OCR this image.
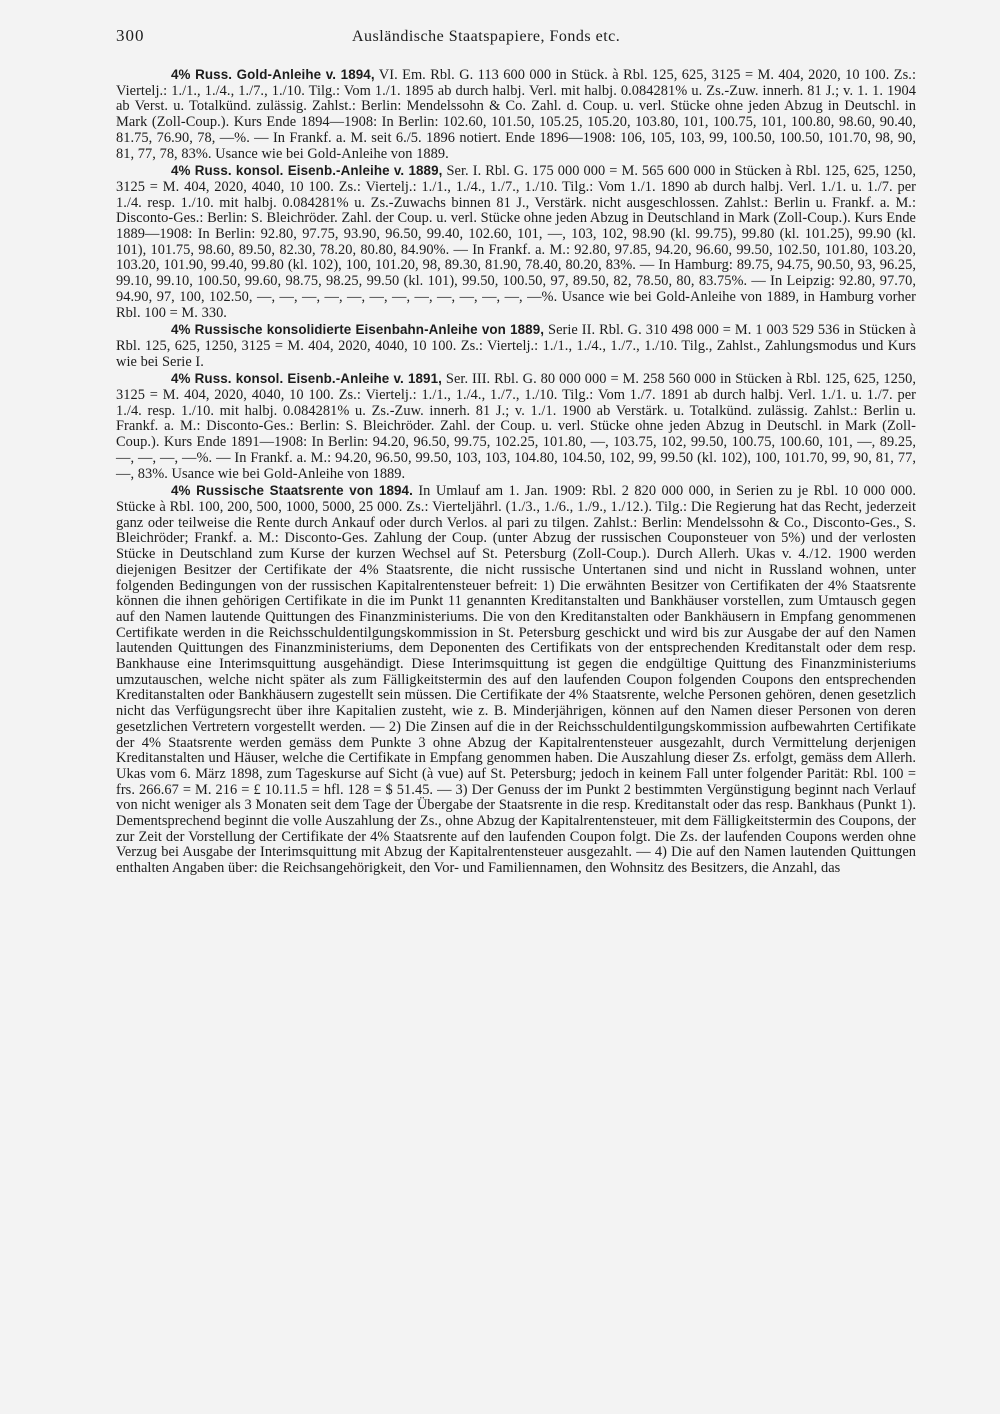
300	Ausländische Staatspapiere, Fonds etc.

4% Russ. Gold-Anleihe v. 1894, VI. Em. Rbl. G. 113 600 000 in Stück. à Rbl. 125, 625, 3125 = M. 404, 2020, 10 100. Zs.: Viertelj.: 1./1., 1./4., 1./7., 1./10. Tilg.: Vom 1./1. 1895 ab durch halbj. Verl. mit halbj. 0.084281% u. Zs.-Zuw. innerh. 81 J.; v. 1. 1. 1904 ab Verst. u. Totalkünd. zulässig. Zahlst.: Berlin: Mendelssohn & Co. Zahl. d. Coup. u. verl. Stücke ohne jeden Abzug in Deutschl. in Mark (Zoll-Coup.). Kurs Ende 1894—1908: In Berlin: 102.60, 101.50, 105.25, 105.20, 103.80, 101, 100.75, 101, 100.80, 98.60, 90.40, 81.75, 76.90, 78, —%. — In Frankf. a. M. seit 6./5. 1896 notiert. Ende 1896—1908: 106, 105, 103, 99, 100.50, 100.50, 101.70, 98, 90, 81, 77, 78, 83%. Usance wie bei Gold-Anleihe von 1889.

4% Russ. konsol. Eisenb.-Anleihe v. 1889, Ser. I. Rbl. G. 175 000 000 = M. 565 600 000 in Stücken à Rbl. 125, 625, 1250, 3125 = M. 404, 2020, 4040, 10 100. Zs.: Viertelj.: 1./1., 1./4., 1./7., 1./10. Tilg.: Vom 1./1. 1890 ab durch halbj. Verl. 1./1. u. 1./7. per 1./4. resp. 1./10. mit halbj. 0.084281% u. Zs.-Zuwachs binnen 81 J., Verstärk. nicht ausgeschlossen. Zahlst.: Berlin u. Frankf. a. M.: Disconto-Ges.: Berlin: S. Bleichröder. Zahl. der Coup. u. verl. Stücke ohne jeden Abzug in Deutschland in Mark (Zoll-Coup.). Kurs Ende 1889—1908: In Berlin: 92.80, 97.75, 93.90, 96.50, 99.40, 102.60, 101, —, 103, 102, 98.90 (kl. 99.75), 99.80 (kl. 101.25), 99.90 (kl. 101), 101.75, 98.60, 89.50, 82.30, 78.20, 80.80, 84.90%. — In Frankf. a. M.: 92.80, 97.85, 94.20, 96.60, 99.50, 102.50, 101.80, 103.20, 103.20, 101.90, 99.40, 99.80 (kl. 102), 100, 101.20, 98, 89.30, 81.90, 78.40, 80.20, 83%. — In Hamburg: 89.75, 94.75, 90.50, 93, 96.25, 99.10, 99.10, 100.50, 99.60, 98.75, 98.25, 99.50 (kl. 101), 99.50, 100.50, 97, 89.50, 82, 78.50, 80, 83.75%. — In Leipzig: 92.80, 97.70, 94.90, 97, 100, 102.50, —, —, —, —, —, —, —, —, —, —, —, —, —%. Usance wie bei Gold-Anleihe von 1889, in Hamburg vorher Rbl. 100 = M. 330.

4% Russische konsolidierte Eisenbahn-Anleihe von 1889, Serie II. Rbl. G. 310 498 000 = M. 1 003 529 536 in Stücken à Rbl. 125, 625, 1250, 3125 = M. 404, 2020, 4040, 10 100. Zs.: Viertelj.: 1./1., 1./4., 1./7., 1./10. Tilg., Zahlst., Zahlungsmodus und Kurs wie bei Serie I.

4% Russ. konsol. Eisenb.-Anleihe v. 1891, Ser. III. Rbl. G. 80 000 000 = M. 258 560 000 in Stücken à Rbl. 125, 625, 1250, 3125 = M. 404, 2020, 4040, 10 100. Zs.: Viertelj.: 1./1., 1./4., 1./7., 1./10. Tilg.: Vom 1./7. 1891 ab durch halbj. Verl. 1./1. u. 1./7. per 1./4. resp. 1./10. mit halbj. 0.084281% u. Zs.-Zuw. innerh. 81 J.; v. 1./1. 1900 ab Verstärk. u. Totalkünd. zulässig. Zahlst.: Berlin u. Frankf. a. M.: Disconto-Ges.: Berlin: S. Bleichröder. Zahl. der Coup. u. verl. Stücke ohne jeden Abzug in Deutschl. in Mark (Zoll-Coup.). Kurs Ende 1891—1908: In Berlin: 94.20, 96.50, 99.75, 102.25, 101.80, —, 103.75, 102, 99.50, 100.75, 100.60, 101, —, 89.25, —, —, —, —%. — In Frankf. a. M.: 94.20, 96.50, 99.50, 103, 103, 104.80, 104.50, 102, 99, 99.50 (kl. 102), 100, 101.70, 99, 90, 81, 77, —, 83%. Usance wie bei Gold-Anleihe von 1889.

4% Russische Staatsrente von 1894. In Umlauf am 1. Jan. 1909: Rbl. 2 820 000 000, in Serien zu je Rbl. 10 000 000. Stücke à Rbl. 100, 200, 500, 1000, 5000, 25 000. Zs.: Vierteljährl. (1./3., 1./6., 1./9., 1./12.). Tilg.: Die Regierung hat das Recht, jederzeit ganz oder teilweise die Rente durch Ankauf oder durch Verlos. al pari zu tilgen. Zahlst.: Berlin: Mendelssohn & Co., Disconto-Ges., S. Bleichröder; Frankf. a. M.: Disconto-Ges. Zahlung der Coup. (unter Abzug der russischen Couponsteuer von 5%) und der verlosten Stücke in Deutschland zum Kurse der kurzen Wechsel auf St. Petersburg (Zoll-Coup.). Durch Allerh. Ukas v. 4./12. 1900 werden diejenigen Besitzer der Certifikate der 4% Staatsrente, die nicht russische Untertanen sind und nicht in Russland wohnen, unter folgenden Bedingungen von der russischen Kapitalrentensteuer befreit: 1) Die erwähnten Besitzer von Certifikaten der 4% Staatsrente können die ihnen gehörigen Certifikate in die im Punkt 11 genannten Kreditanstalten und Bankhäuser vorstellen, zum Umtausch gegen auf den Namen lautende Quittungen des Finanzministeriums. Die von den Kreditanstalten oder Bankhäusern in Empfang genommenen Certifikate werden in die Reichsschuldentilgungskommission in St. Petersburg geschickt und wird bis zur Ausgabe der auf den Namen lautenden Quittungen des Finanzministeriums, dem Deponenten des Certifikats von der entsprechenden Kreditanstalt oder dem resp. Bankhause eine Interimsquittung ausgehändigt. Diese Interimsquittung ist gegen die endgültige Quittung des Finanzministeriums umzutauschen, welche nicht später als zum Fälligkeitstermin des auf den laufenden Coupon folgenden Coupons den entsprechenden Kreditanstalten oder Bankhäusern zugestellt sein müssen. Die Certifikate der 4% Staatsrente, welche Personen gehören, denen gesetzlich nicht das Verfügungsrecht über ihre Kapitalien zusteht, wie z. B. Minderjährigen, können auf den Namen dieser Personen von deren gesetzlichen Vertretern vorgestellt werden. — 2) Die Zinsen auf die in der Reichsschuldentilgungskommission aufbewahrten Certifikate der 4% Staatsrente werden gemäss dem Punkte 3 ohne Abzug der Kapitalrentensteuer ausgezahlt, durch Vermittelung derjenigen Kreditanstalten und Häuser, welche die Certifikate in Empfang genommen haben. Die Auszahlung dieser Zs. erfolgt, gemäss dem Allerh. Ukas vom 6. März 1898, zum Tageskurse auf Sicht (à vue) auf St. Petersburg; jedoch in keinem Fall unter folgender Parität: Rbl. 100 = frs. 266.67 = M. 216 = £ 10.11.5 = hfl. 128 = $ 51.45. — 3) Der Genuss der im Punkt 2 bestimmten Vergünstigung beginnt nach Verlauf von nicht weniger als 3 Monaten seit dem Tage der Übergabe der Staatsrente in die resp. Kreditanstalt oder das resp. Bankhaus (Punkt 1). Dementsprechend beginnt die volle Auszahlung der Zs., ohne Abzug der Kapitalrentensteuer, mit dem Fälligkeitstermin des Coupons, der zur Zeit der Vorstellung der Certifikate der 4% Staatsrente auf den laufenden Coupon folgt. Die Zs. der laufenden Coupons werden ohne Verzug bei Ausgabe der Interimsquittung mit Abzug der Kapitalrentensteuer ausgezahlt. — 4) Die auf den Namen lautenden Quittungen enthalten Angaben über: die Reichsangehörigkeit, den Vor- und Familiennamen, den Wohnsitz des Besitzers, die Anzahl, das
